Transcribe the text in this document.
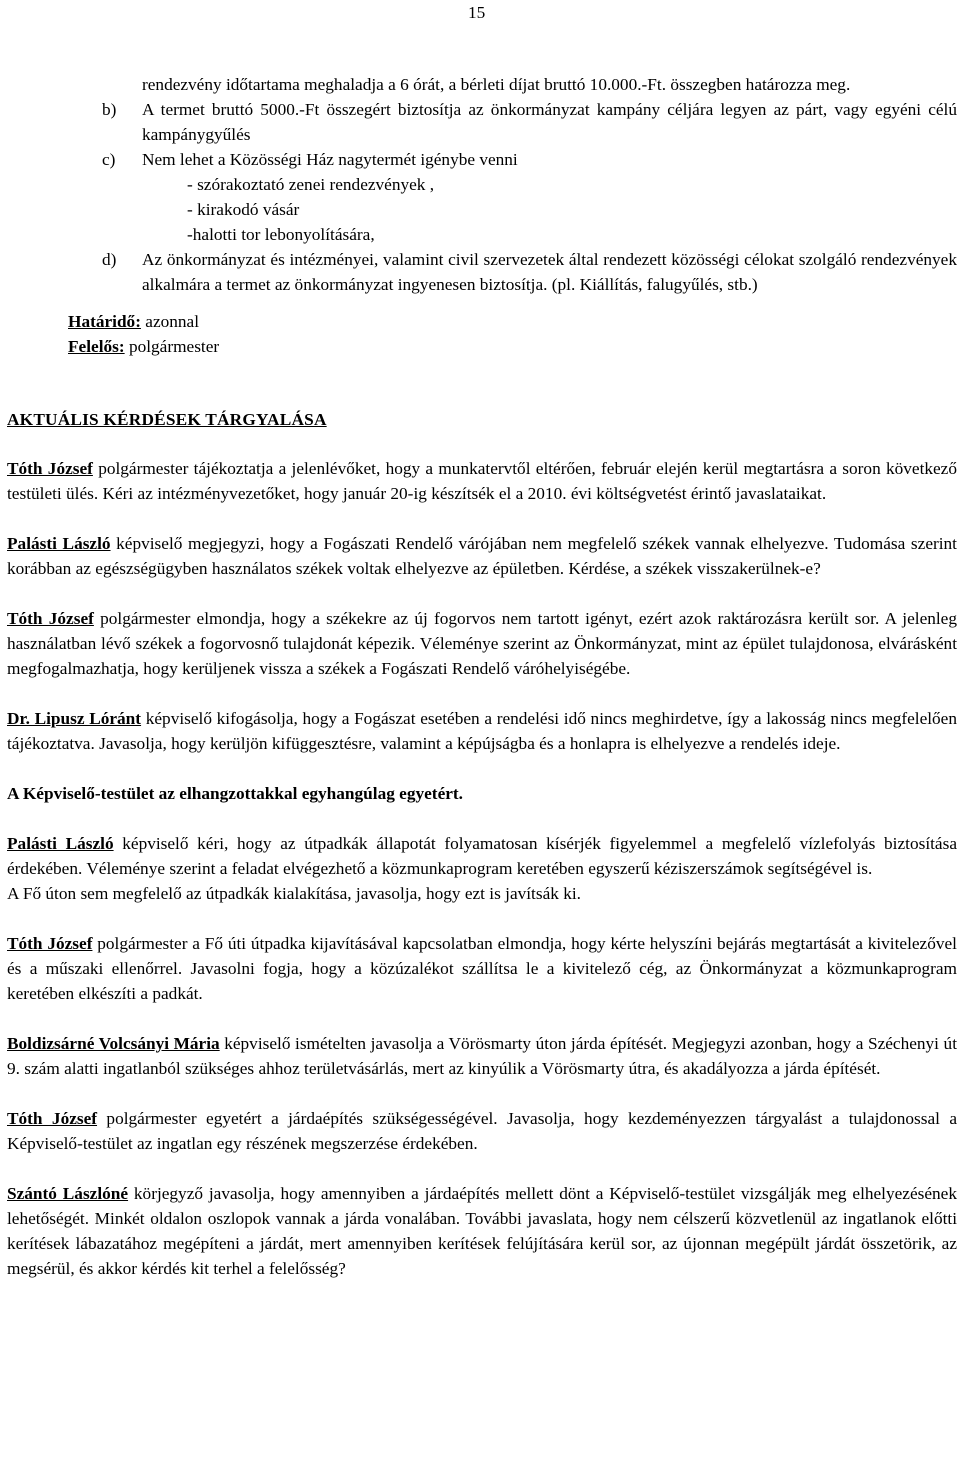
15
rendezvény időtartama meghaladja a 6 órát, a bérleti díjat bruttó 10.000.-Ft. összegben határozza meg.
b) A termet bruttó 5000.-Ft összegért biztosítja az önkormányzat kampány céljára legyen az párt, vagy egyéni célú kampánygyűlés
c) Nem lehet a Közösségi Ház nagytermét igénybe venni
- szórakoztató zenei rendezvények ,
- kirakodó vásár
-halotti tor lebonyolítására,
d) Az önkormányzat és intézményei, valamint civil szervezetek által rendezett közösségi célokat szolgáló rendezvények alkalmára a termet az önkormányzat ingyenesen biztosítja. (pl. Kiállítás, falugyűlés, stb.)
Határidő: azonnal
Felelős: polgármester
AKTUÁLIS KÉRDÉSEK TÁRGYALÁSA

Tóth József polgármester tájékoztatja a jelenlévőket, hogy a munkatervtől eltérően, február elején kerül megtartásra a soron következő testületi ülés. Kéri az intézményvezetőket, hogy január 20-ig készítsék el a 2010. évi költségvetést érintő javaslataikat.

Palásti László képviselő megjegyzi, hogy a Fogászati Rendelő várójában nem megfelelő székek vannak elhelyezve. Tudomása szerint korábban az egészségügyben használatos székek voltak elhelyezve az épületben. Kérdése, a székek visszakerülnek-e?

Tóth József polgármester elmondja, hogy a székekre az új fogorvos nem tartott igényt, ezért azok raktározásra került sor. A jelenleg használatban lévő székek a fogorvosnő tulajdonát képezik. Véleménye szerint az Önkormányzat, mint az épület tulajdonosa, elvárásként megfogalmazhatja, hogy kerüljenek vissza a székek a Fogászati Rendelő váróhelyiségébe.

Dr. Lipusz Lóránt képviselő kifogásolja, hogy a Fogászat esetében a rendelési idő nincs meghirdetve, így a lakosság nincs megfelelően tájékoztatva. Javasolja, hogy kerüljön kifüggesztésre, valamint a képújságba és a honlapra is elhelyezve a rendelés ideje.

A Képviselő-testület az elhangzottakkal egyhangúlag egyetért.

Palásti László képviselő kéri, hogy az útpadkák állapotát folyamatosan kísérjék figyelemmel a megfelelő vízlefolyás biztosítása érdekében. Véleménye szerint a feladat elvégezhető a közmunkaprogram keretében egyszerű kéziszerszámok segítségével is.

A Fő úton sem megfelelő az útpadkák kialakítása, javasolja, hogy ezt is javítsák ki.

Tóth József polgármester a Fő úti útpadka kijavításával kapcsolatban elmondja, hogy kérte helyszíni bejárás megtartását a kivitelezővel és a műszaki ellenőrrel. Javasolni fogja, hogy a közúzalékot szállítsa le a kivitelező cég, az Önkormányzat a közmunkaprogram keretében elkészíti a padkát.

Boldizsárné Volcsányi Mária képviselő ismételten javasolja a Vörösmarty úton járda építését. Megjegyzi azonban, hogy a Széchenyi út 9. szám alatti ingatlanból szükséges ahhoz területvásárlás, mert az kinyúlik a Vörösmarty útra, és akadályozza a járda építését.

Tóth József polgármester egyetért a járdaépítés szükségességével. Javasolja, hogy kezdeményezzen tárgyalást a tulajdonossal a Képviselő-testület az ingatlan egy részének megszerzése érdekében.

Szántó Lászlóné körjegyző javasolja, hogy amennyiben a járdaépítés mellett dönt a Képviselő-testület vizsgálják meg elhelyezésének lehetőségét. Minkét oldalon oszlopok vannak a járda vonalában. További javaslata, hogy nem célszerű közvetlenül az ingatlanok előtti kerítések lábazatához megépíteni a járdát, mert amennyiben kerítések felújítására kerül sor, az újonnan megépült járdát összetörik, az megsérül, és akkor kérdés kit terhel a felelősség?
